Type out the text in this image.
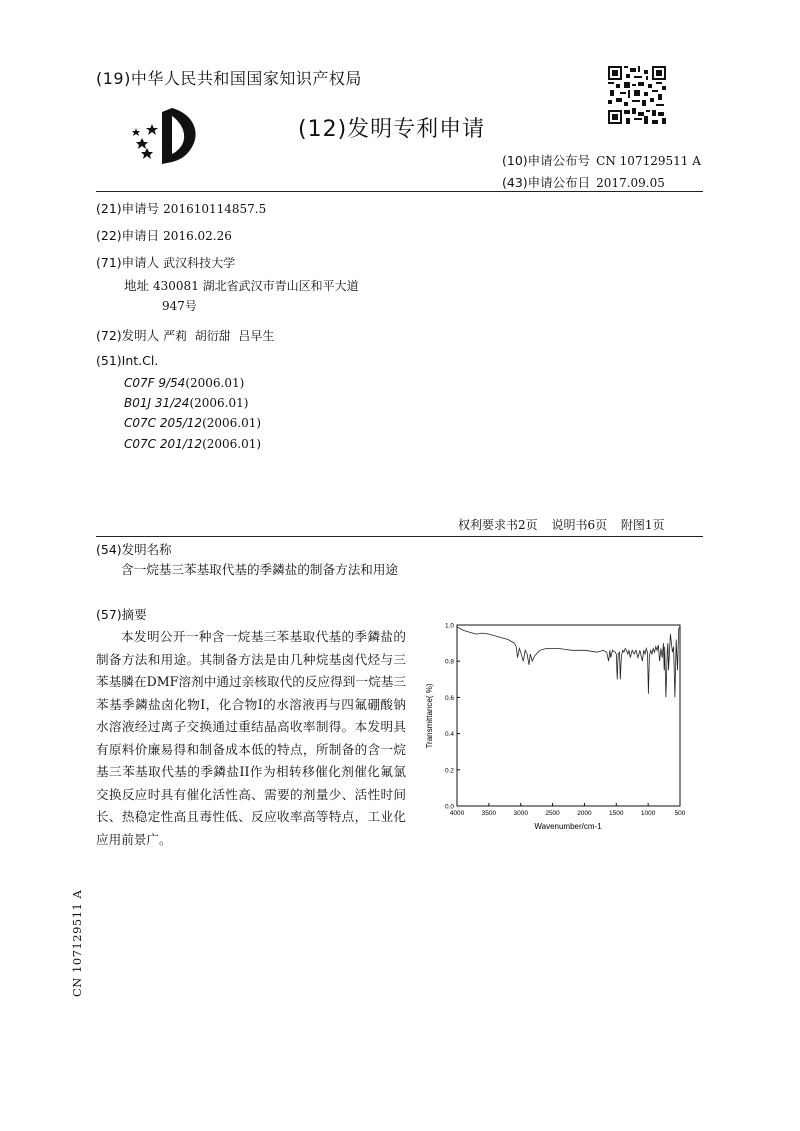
(19)中华人民共和国国家知识产权局
(12)发明专利申请
(10)申请公布号 CN 107129511 A
(43)申请公布日 2017.09.05
(21)申请号 201610114857.5
(22)申请日 2016.02.26
(71)申请人 武汉科技大学
地址 430081 湖北省武汉市青山区和平大道
947号
(72)发明人 严莉  胡衍甜  吕早生
(51)Int.Cl.
C07F 9/54(2006.01)
B01J 31/24(2006.01)
C07C 205/12(2006.01)
C07C 201/12(2006.01)
权利要求书2页 说明书6页 附图1页
(54)发明名称
含一烷基三苯基取代基的季鏻盐的制备方法和用途
(57)摘要
本发明公开一种含一烷基三苯基取代基的季鏻盐的制备方法和用途。其制备方法是由几种烷基卤代烃与三苯基膦在DMF溶剂中通过亲核取代的反应得到一烷基三苯基季鏻盐卤化物I，化合物I的水溶液再与四氟硼酸钠水溶液经过离子交换通过重结晶高收率制得。本发明具有原料价廉易得和制备成本低的特点，所制备的含一烷基三苯基取代基的季鏻盐II作为相转移催化剂催化氟氯交换反应时具有催化活性高、需要的剂量少、活性时间长、热稳定性高且毒性低、反应收率高等特点，工业化应用前景广。
4000	3500	3000	2500	2000	1500	1000	500
0.0
0.2
0.4
0.6
0.8
1.0
Transmittance( %)
Wavenumber/cm-1
CN 107129511 A
